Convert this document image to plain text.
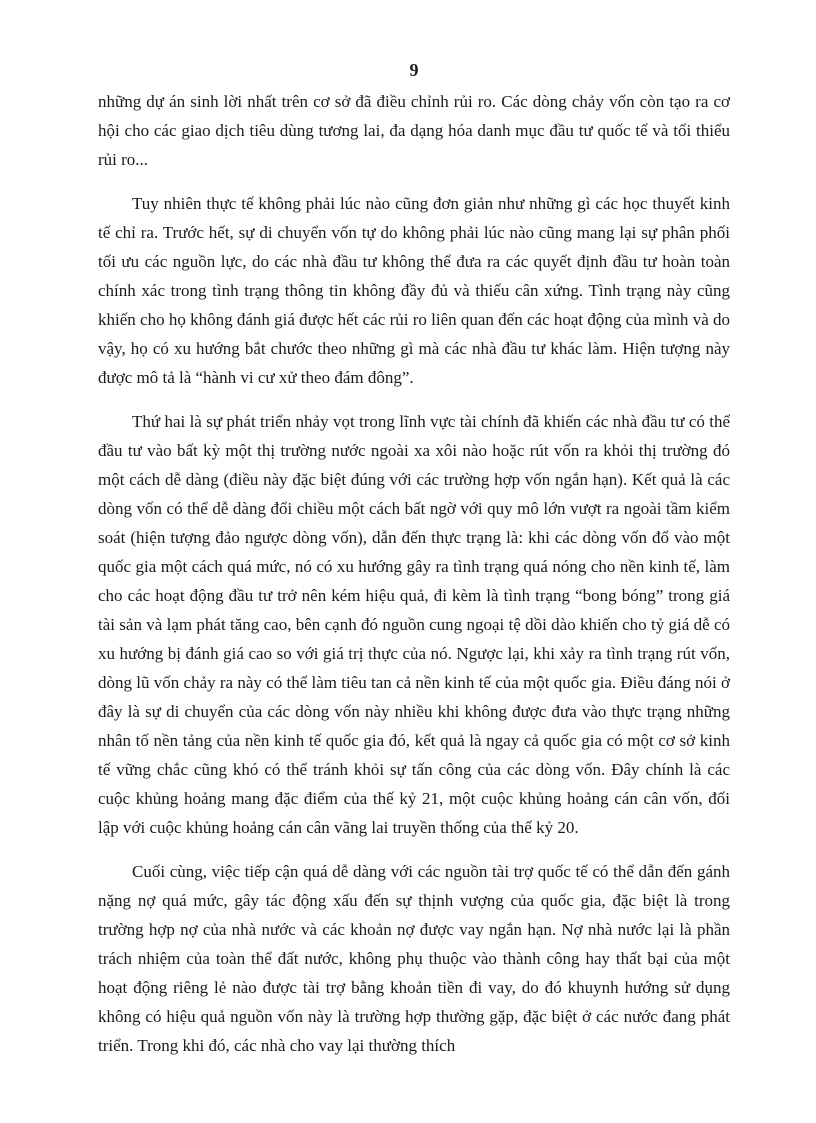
9

những dự án sinh lời nhất trên cơ sở đã điều chỉnh rủi ro. Các dòng chảy vốn còn tạo ra cơ hội cho các giao dịch tiêu dùng tương lai, đa dạng hóa danh mục đầu tư quốc tế và tối thiểu rủi ro...

Tuy nhiên thực tế không phải lúc nào cũng đơn giản như những gì các học thuyết kinh tế chỉ ra. Trước hết, sự di chuyển vốn tự do không phải lúc nào cũng mang lại sự phân phối tối ưu các nguồn lực, do các nhà đầu tư không thể đưa ra các quyết định đầu tư hoàn toàn chính xác trong tình trạng thông tin không đầy đủ và thiếu cân xứng. Tình trạng này cũng khiến cho họ không đánh giá được hết các rủi ro liên quan đến các hoạt động của mình và do vậy, họ có xu hướng bắt chước theo những gì mà các nhà đầu tư khác làm. Hiện tượng này được mô tả là “hành vi cư xử theo đám đông”.

Thứ hai là sự phát triển nhảy vọt trong lĩnh vực tài chính đã khiến các nhà đầu tư có thể đầu tư vào bất kỳ một thị trường nước ngoài xa xôi nào hoặc rút vốn ra khỏi thị trường đó một cách dễ dàng (điều này đặc biệt đúng với các trường hợp vốn ngắn hạn). Kết quả là các dòng vốn có thể dễ dàng đổi chiều một cách bất ngờ với quy mô lớn vượt ra ngoài tầm kiểm soát (hiện tượng đảo ngược dòng vốn), dẫn đến thực trạng là: khi các dòng vốn đổ vào một quốc gia một cách quá mức, nó có xu hướng gây ra tình trạng quá nóng cho nền kinh tế, làm cho các hoạt động đầu tư trở nên kém hiệu quả, đi kèm là tình trạng “bong bóng” trong giá tài sản và lạm phát tăng cao, bên cạnh đó nguồn cung ngoại tệ dồi dào khiến cho tỷ giá dễ có xu hướng bị đánh giá cao so với giá trị thực của nó. Ngược lại, khi xảy ra tình trạng rút vốn, dòng lũ vốn chảy ra này có thể làm tiêu tan cả nền kinh tế của một quốc gia. Điều đáng nói ở đây là sự di chuyển của các dòng vốn này nhiều khi không được đưa vào thực trạng những nhân tố nền tảng của nền kinh tế quốc gia đó, kết quả là ngay cả quốc gia có một cơ sở kinh tế vững chắc cũng khó có thể tránh khỏi sự tấn công của các dòng vốn. Đây chính là các cuộc khủng hoảng mang đặc điểm của thế kỷ 21, một cuộc khủng hoảng cán cân vốn, đối lập với cuộc khủng hoảng cán cân vãng lai truyền thống của thế kỷ 20.

Cuối cùng, việc tiếp cận quá dễ dàng với các nguồn tài trợ quốc tế có thể dẫn đến gánh nặng nợ quá mức, gây tác động xấu đến sự thịnh vượng của quốc gia, đặc biệt là trong trường hợp nợ của nhà nước và các khoản nợ được vay ngắn hạn. Nợ nhà nước lại là phần trách nhiệm của toàn thể đất nước, không phụ thuộc vào thành công hay thất bại của một hoạt động riêng lẻ nào được tài trợ bằng khoản tiền đi vay, do đó khuynh hướng sử dụng không có hiệu quả nguồn vốn này là trường hợp thường gặp, đặc biệt ở các nước đang phát triển. Trong khi đó, các nhà cho vay lại thường thích
